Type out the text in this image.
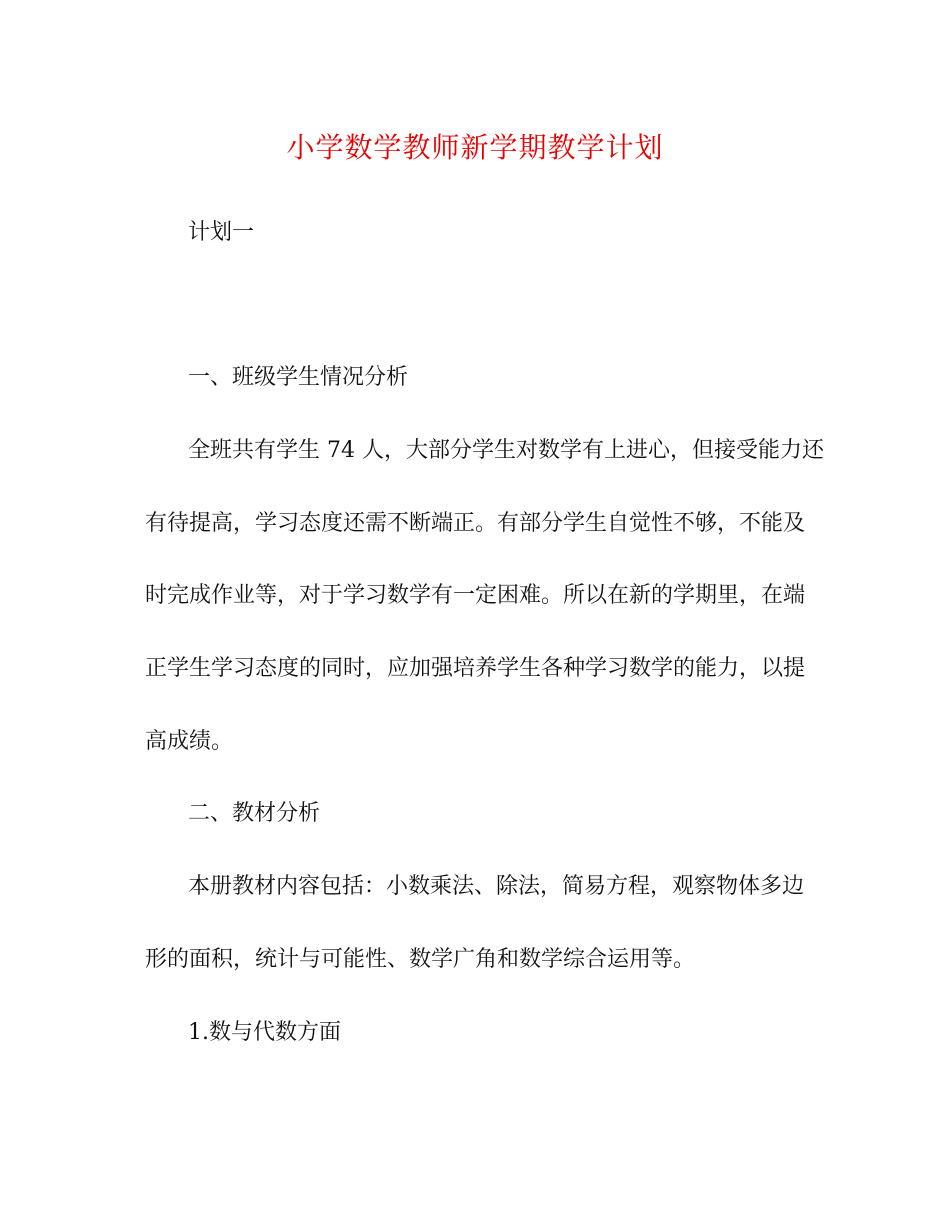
小学数学教师新学期教学计划

计划一

一、班级学生情况分析

全班共有学生 74 人，大部分学生对数学有上进心，但接受能力还

有待提高，学习态度还需不断端正。有部分学生自觉性不够，不能及

时完成作业等，对于学习数学有一定困难。所以在新的学期里，在端

正学生学习态度的同时，应加强培养学生各种学习数学的能力，以提

高成绩。

二、教材分析

本册教材内容包括：小数乘法、除法，简易方程，观察物体多边

形的面积，统计与可能性、数学广角和数学综合运用等。

1.数与代数方面
